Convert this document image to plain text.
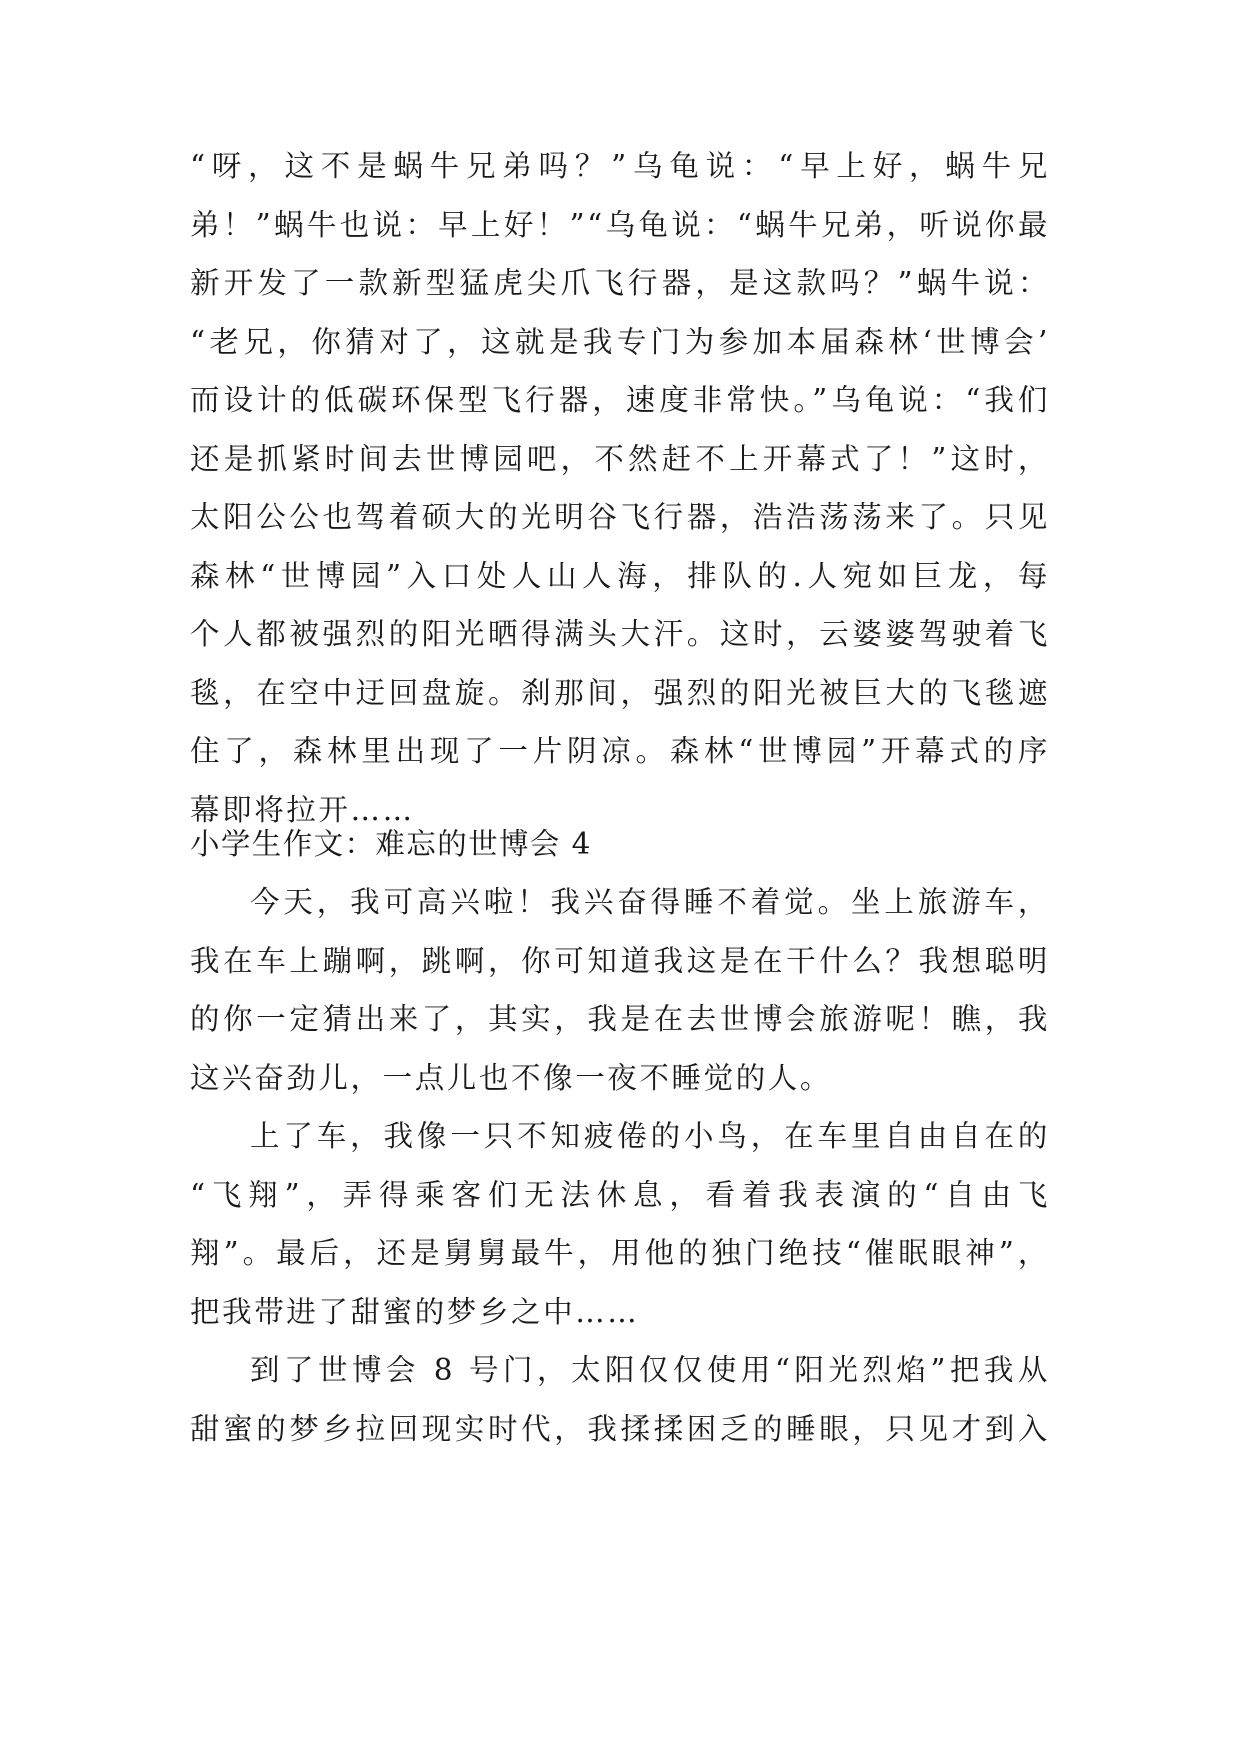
“呀，这不是蜗牛兄弟吗？”乌龟说：“早上好，蜗牛兄
弟！”蜗牛也说：早上好！”“乌龟说：“蜗牛兄弟，听说你最
新开发了一款新型猛虎尖爪飞行器，是这款吗？”蜗牛说：
“老兄，你猜对了，这就是我专门为参加本届森林‘世博会’
而设计的低碳环保型飞行器，速度非常快。”乌龟说：“我们
还是抓紧时间去世博园吧，不然赶不上开幕式了！”这时，
太阳公公也驾着硕大的光明谷飞行器，浩浩荡荡来了。只见
森林“世博园”入口处人山人海，排队的.人宛如巨龙，每
个人都被强烈的阳光晒得满头大汗。这时，云婆婆驾驶着飞
毯，在空中迂回盘旋。刹那间，强烈的阳光被巨大的飞毯遮
住了，森林里出现了一片阴凉。森林“世博园”开幕式的序
幕即将拉开……
小学生作文：难忘的世博会 4
今天，我可高兴啦！我兴奋得睡不着觉。坐上旅游车，
我在车上蹦啊，跳啊，你可知道我这是在干什么？我想聪明
的你一定猜出来了，其实，我是在去世博会旅游呢！瞧，我
这兴奋劲儿，一点儿也不像一夜不睡觉的人。
上了车，我像一只不知疲倦的小鸟，在车里自由自在的
“飞翔”，弄得乘客们无法休息，看着我表演的“自由飞
翔”。最后，还是舅舅最牛，用他的独门绝技“催眠眼神”，
把我带进了甜蜜的梦乡之中……
到了世博会 8 号门，太阳仅仅使用“阳光烈焰”把我从
甜蜜的梦乡拉回现实时代，我揉揉困乏的睡眼，只见才到入
